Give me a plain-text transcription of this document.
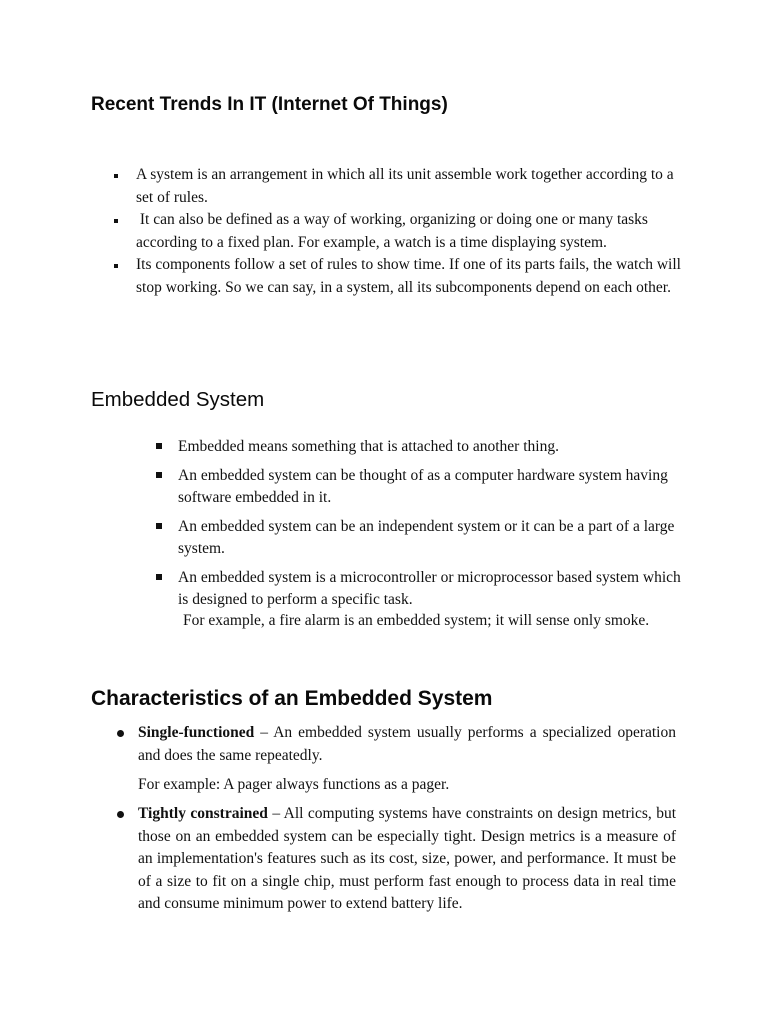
Recent Trends In IT (Internet Of Things)
A system is an arrangement in which all its unit assemble work together according to a set of rules.
It can also be defined as a way of working, organizing or doing one or many tasks according to a fixed plan. For example, a watch is a time displaying system.
Its components follow a set of rules to show time. If one of its parts fails, the watch will stop working. So we can say, in a system, all its subcomponents depend on each other.
Embedded System
Embedded means something that is attached to another thing.
An embedded system can be thought of as a computer hardware system having software embedded in it.
An embedded system can be an independent system or it can be a part of a large system.
An embedded system is a microcontroller or microprocessor based system which is designed to perform a specific task.

For example, a fire alarm is an embedded system; it will sense only smoke.

Characteristics of an Embedded System
Single-functioned – An embedded system usually performs a specialized operation and does the same repeatedly.

For example: A pager always functions as a pager.

Tightly constrained – All computing systems have constraints on design metrics, but those on an embedded system can be especially tight. Design metrics is a measure of an implementation's features such as its cost, size, power, and performance. It must be of a size to fit on a single chip, must perform fast enough to process data in real time and consume minimum power to extend battery life.
